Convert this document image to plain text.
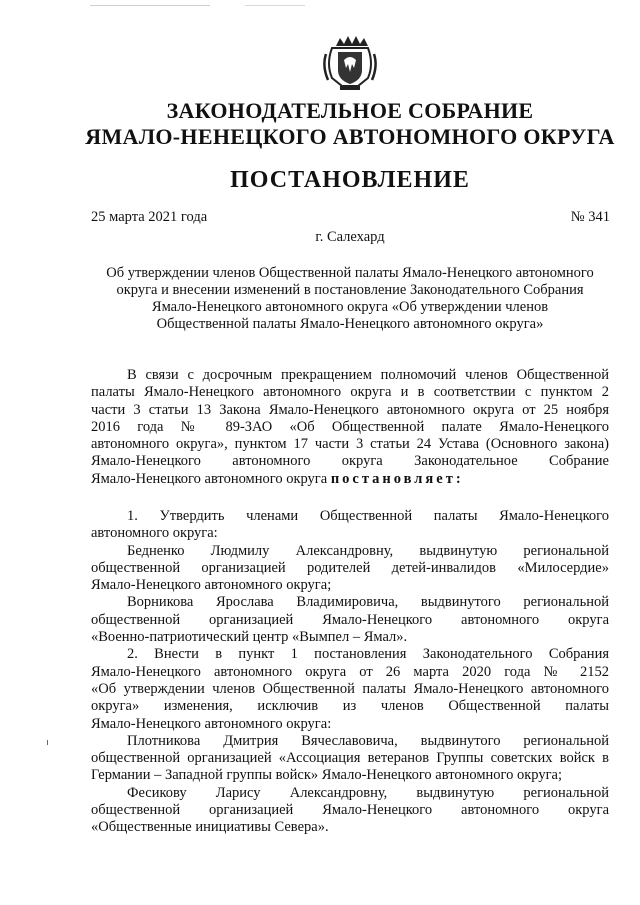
ЗАКОНОДАТЕЛЬНОЕ СОБРАНИЕ
ЯМАЛО-НЕНЕЦКОГО АВТОНОМНОГО ОКРУГА
ПОСТАНОВЛЕНИЕ
25 марта 2021 года	№ 341
г. Салехард
Об утверждении членов Общественной палаты Ямало-Ненецкого автономного
округа и внесении изменений в постановление Законодательного Собрания
Ямало-Ненецкого автономного округа «Об утверждении членов
Общественной палаты Ямало-Ненецкого автономного округа»
В связи с досрочным прекращением полномочий членов Общественной
палаты Ямало-Ненецкого автономного округа и в соответствии с пунктом 2
части 3 статьи 13 Закона Ямало-Ненецкого автономного округа от 25 ноября
2016 года № 89-ЗАО «Об Общественной палате Ямало-Ненецкого
автономного округа», пунктом 17 части 3 статьи 24 Устава (Основного закона)
Ямало-Ненецкого автономного округа Законодательное Собрание
Ямало-Ненецкого автономного округа постановляет:
1. Утвердить членами Общественной палаты Ямало-Ненецкого
автономного округа:
Бедненко Людмилу Александровну, выдвинутую региональной
общественной организацией родителей детей-инвалидов «Милосердие»
Ямало-Ненецкого автономного округа;
Ворникова Ярослава Владимировича, выдвинутого региональной
общественной организацией Ямало-Ненецкого автономного округа
«Военно-патриотический центр «Вымпел – Ямал».
2. Внести в пункт 1 постановления Законодательного Собрания
Ямало-Ненецкого автономного округа от 26 марта 2020 года № 2152
«Об утверждении членов Общественной палаты Ямало-Ненецкого автономного
округа» изменения, исключив из членов Общественной палаты
Ямало-Ненецкого автономного округа:
Плотникова Дмитрия Вячеславовича, выдвинутого региональной
общественной организацией «Ассоциация ветеранов Группы советских войск в
Германии – Западной группы войск» Ямало-Ненецкого автономного округа;
Фесикову Ларису Александровну, выдвинутую региональной
общественной организацией Ямало-Ненецкого автономного округа
«Общественные инициативы Севера».
